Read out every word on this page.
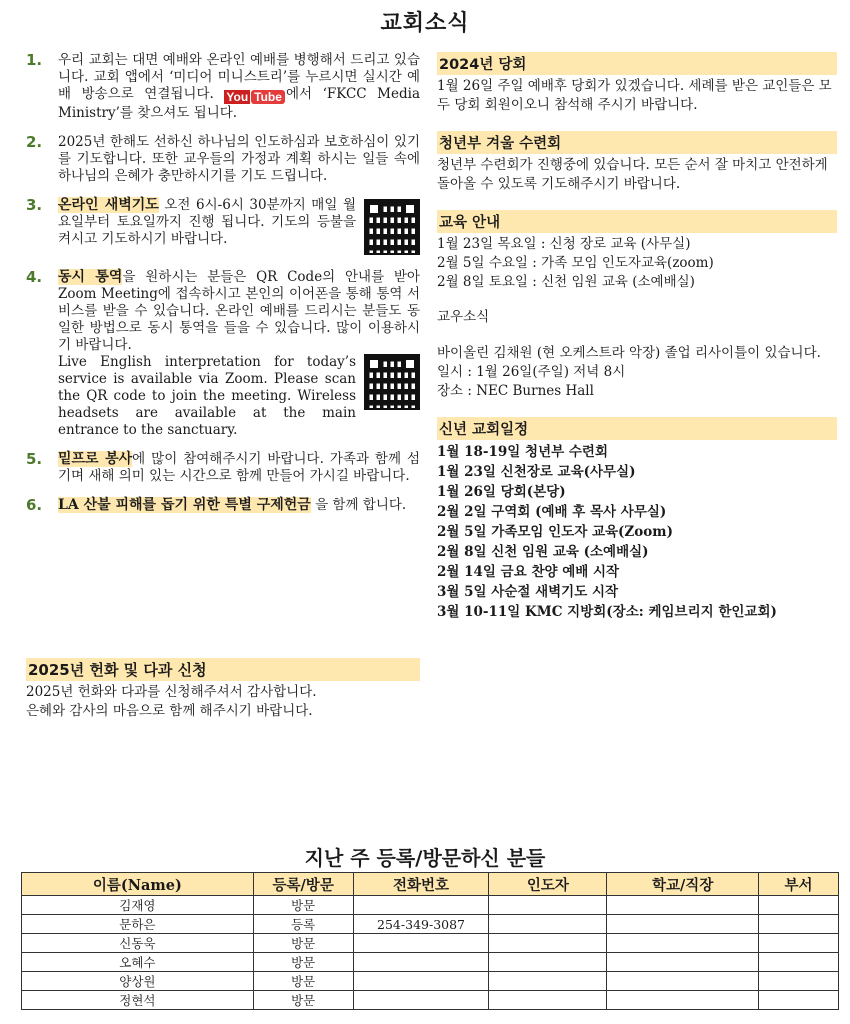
교회소식
1.	우리 교회는 대면 예배와 온라인 예배를 병행해서 드리고 있습니다. 교회 앱에서 ‘미디어 미니스트리’를 누르시면 실시간 예배 방송으로 연결됩니다. You Tube 에서 ‘FKCC Media Ministry’를 찾으셔도 됩니다.
2.	2025년 한해도 선하신 하나님의 인도하심과 보호하심이 있기를 기도합니다. 또한 교우들의 가정과 계획 하시는 일들 속에 하나님의 은혜가 충만하시기를 기도 드립니다.
3.	온라인 새벽기도 오전 6시-6시 30분까지 매일 월요일부터 토요일까지 진행 됩니다. 기도의 등불을 켜시고 기도하시기 바랍니다.
4.	동시 통역을 원하시는 분들은 QR Code의 안내를 받아 Zoom Meeting에 접속하시고 본인의 이어폰을 통해 통역 서비스를 받을 수 있습니다. 온라인 예배를 드리시는 분들도 동일한 방법으로 동시 통역을 들을 수 있습니다. 많이 이용하시기 바랍니다.
Live English interpretation for today’s service is available via Zoom. Please scan the QR code to join the meeting. Wireless headsets are available at the main entrance to the sanctuary.
5.	밑프로 봉사에 많이 참여해주시기 바랍니다. 가족과 함께 섬기며 새해 의미 있는 시간으로 함께 만들어 가시길 바랍니다.
6.	LA 산불 피해를 돕기 위한 특별 구제헌금 을 함께 합니다.
2025년 헌화 및 다과 신청
2025년 헌화와 다과를 신청해주셔서 감사합니다.
은혜와 감사의 마음으로 함께 해주시기 바랍니다.
2024년 당회
1월 26일 주일 예배후 당회가 있겠습니다. 세례를 받은 교인들은 모두 당회 회원이오니 참석해 주시기 바랍니다.
청년부 겨울 수련회
청년부 수련회가 진행중에 있습니다. 모든 순서 잘 마치고 안전하게 돌아올 수 있도록 기도해주시기 바랍니다.
교육 안내
1월 23일 목요일 : 신청 장로 교육 (사무실)
2월 5일 수요일 : 가족 모임 인도자교육(zoom)
2월 8일 토요일 : 신천 임원 교육 (소예배실)
교우소식
바이올린 김채원 (현 오케스트라 악장) 졸업 리사이틀이 있습니다. 일시 : 1월 26일(주일) 저녁 8시
장소 : NEC Burnes Hall
신년 교회일정
1월 18-19일 청년부 수련회
1월 23일 신천장로 교육(사무실)
1월 26일 당회(본당)
2월 2일 구역회 (예배 후 목사 사무실)
2월 5일 가족모임 인도자 교육(Zoom)
2월 8일 신천 임원 교육 (소예배실)
2월 14일 금요 찬양 예배 시작
3월 5일 사순절 새벽기도 시작
3월 10-11일 KMC 지방회(장소: 케임브리지 한인교회)
지난 주 등록/방문하신 분들
이름(Name)	등록/방문	전화번호	인도자	학교/직장	부서
김재영	방문				
문하은	등록	254-349-3087			
신동욱	방문				
오혜수	방문				
양상원	방문				
정현석	방문				
